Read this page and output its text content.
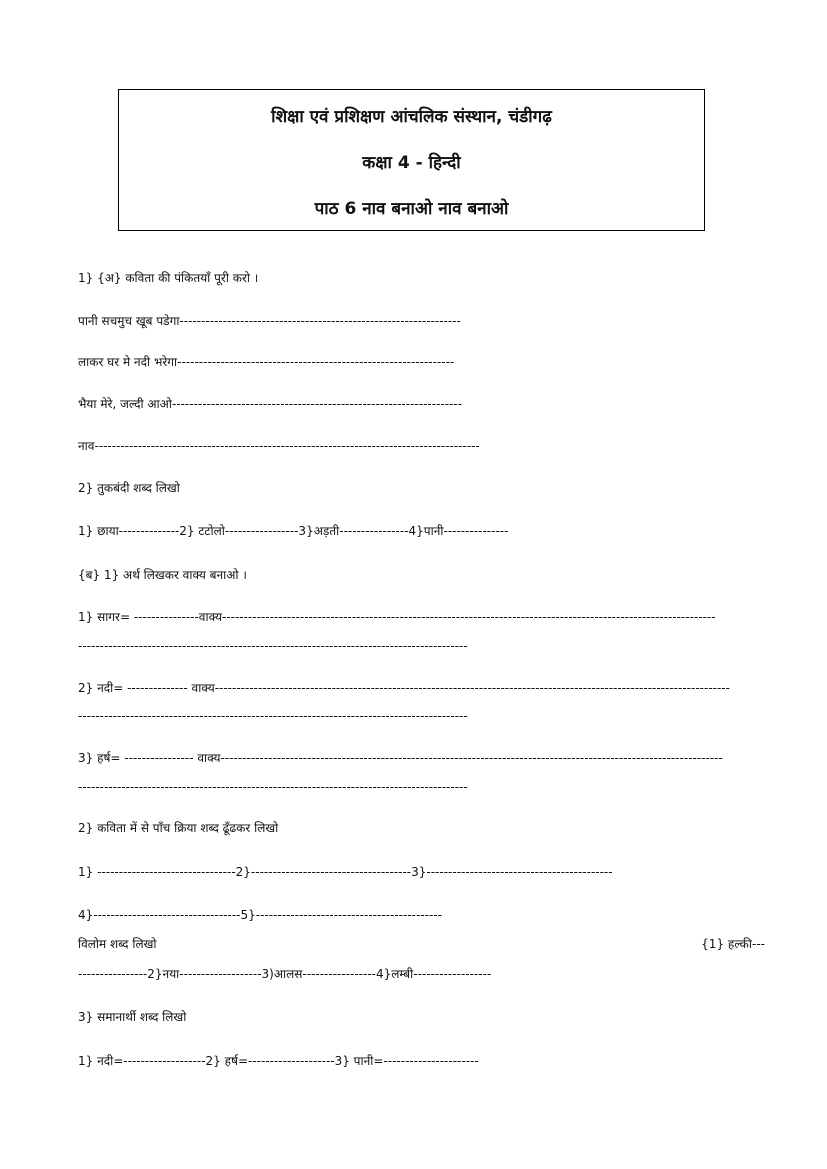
शिक्षा एवं प्रशिक्षण आंचलिक संस्थान, चंडीगढ़
कक्षा 4 - हिन्दी
पाठ 6 नाव बनाओ नाव बनाओ

1} {अ} कविता की पंकितयाँ पूरी करो ।

पानी सचमुच खूब पडेगा-----------------------------------------------------------------

लाकर घर मे नदी भरेगा----------------------------------------------------------------

भैया मेरे, जल्दी आओ-------------------------------------------------------------------

नाव-----------------------------------------------------------------------------------------

2} तुकबंदी शब्द लिखो

1} छाया--------------2} टटोलो-----------------3}अड़ती----------------4}पानी---------------

{ब} 1} अर्थ लिखकर वाक्य बनाओ ।

1} सागर= ---------------वाक्य------------------------------------------------------------------------------------------------------------------

------------------------------------------------------------------------------------------

2} नदी= -------------- वाक्य-----------------------------------------------------------------------------------------------------------------------

------------------------------------------------------------------------------------------

3} हर्ष= ---------------- वाक्य--------------------------------------------------------------------------------------------------------------------

------------------------------------------------------------------------------------------

2} कविता में से पाँच क्रिया शब्द ढूँढकर लिखो

1} --------------------------------2}-------------------------------------3}-------------------------------------------

4}----------------------------------5}-------------------------------------------

विलोम शब्द लिखो	{1} हल्की---

----------------2}नया-------------------3)आलस-----------------4}लम्बी------------------

3} समानार्थी शब्द लिखो

1} नदी=-------------------2} हर्ष=--------------------3} पानी=----------------------
